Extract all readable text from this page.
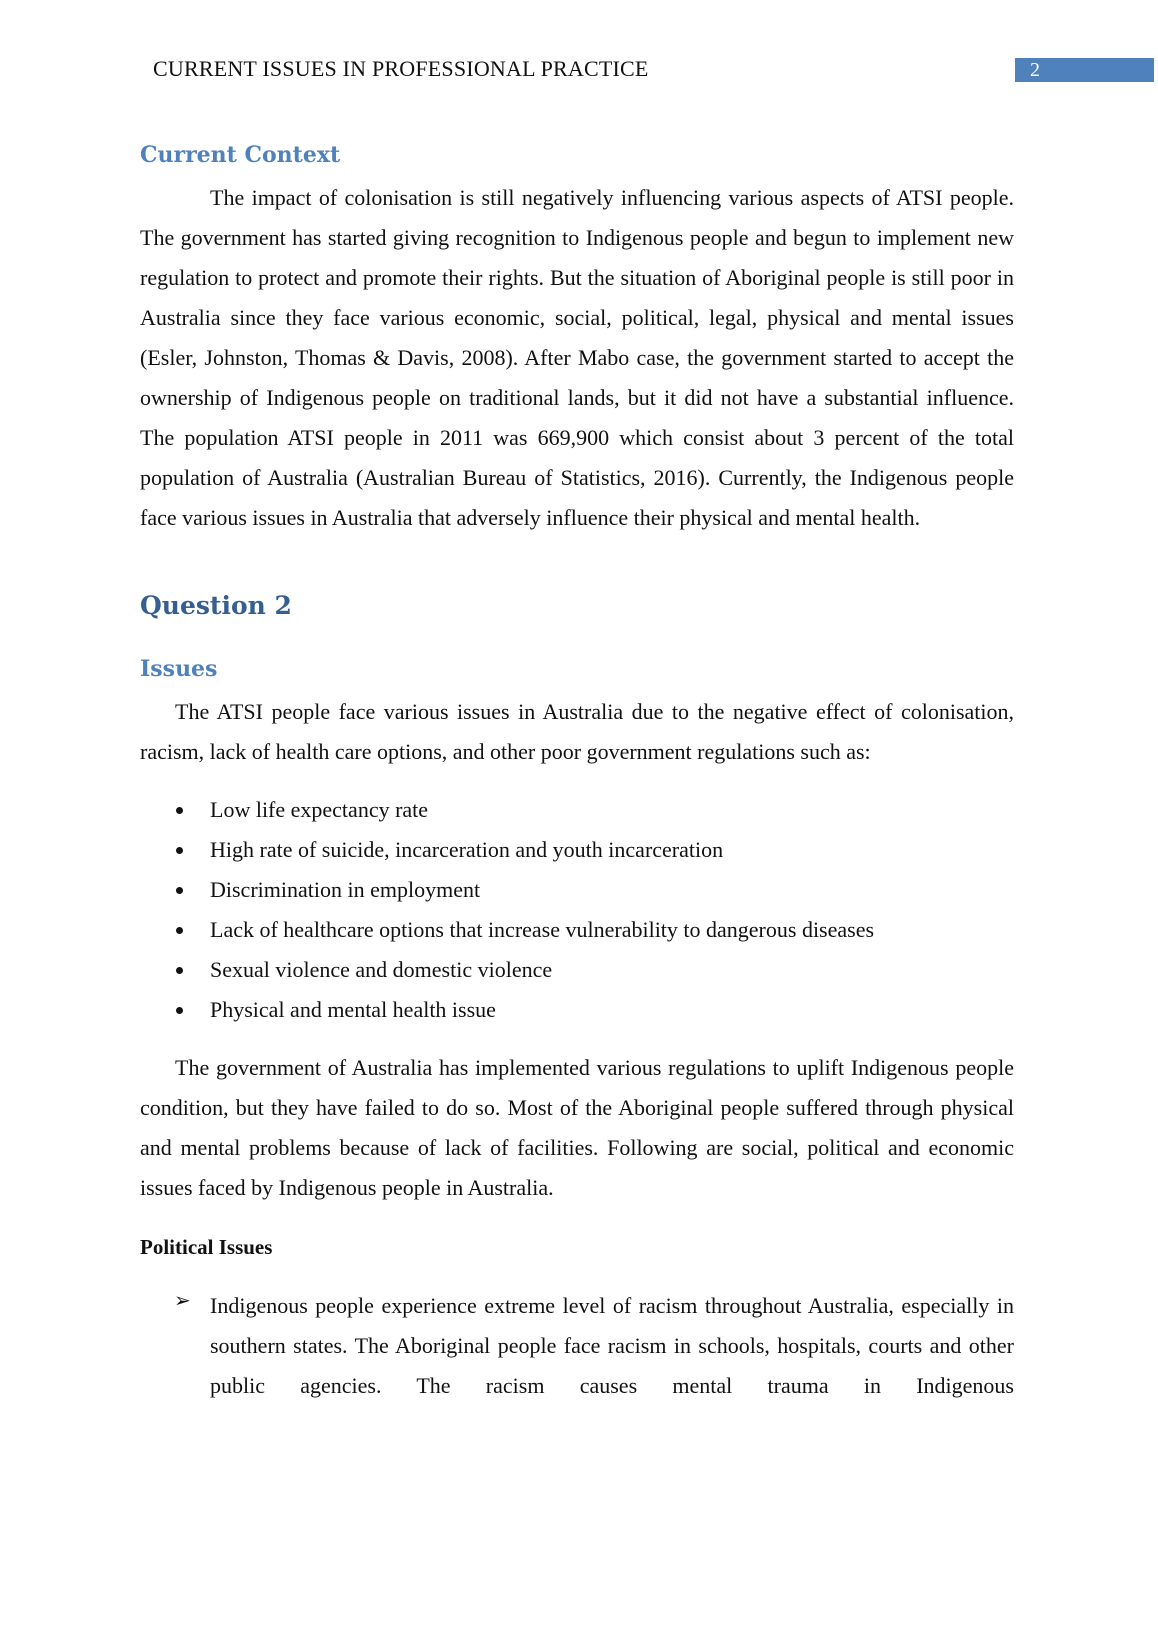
CURRENT ISSUES IN PROFESSIONAL PRACTICE	2
Current Context

The impact of colonisation is still negatively influencing various aspects of ATSI people. The government has started giving recognition to Indigenous people and begun to implement new regulation to protect and promote their rights. But the situation of Aboriginal people is still poor in Australia since they face various economic, social, political, legal, physical and mental issues (Esler, Johnston, Thomas & Davis, 2008). After Mabo case, the government started to accept the ownership of Indigenous people on traditional lands, but it did not have a substantial influence. The population ATSI people in 2011 was 669,900 which consist about 3 percent of the total population of Australia (Australian Bureau of Statistics, 2016). Currently, the Indigenous people face various issues in Australia that adversely influence their physical and mental health.

Question 2
Issues

The ATSI people face various issues in Australia due to the negative effect of colonisation, racism, lack of health care options, and other poor government regulations such as:

Low life expectancy rate
High rate of suicide, incarceration and youth incarceration
Discrimination in employment
Lack of healthcare options that increase vulnerability to dangerous diseases
Sexual violence and domestic violence
Physical and mental health issue

The government of Australia has implemented various regulations to uplift Indigenous people condition, but they have failed to do so. Most of the Aboriginal people suffered through physical and mental problems because of lack of facilities. Following are social, political and economic issues faced by Indigenous people in Australia.

Political Issues
➢ Indigenous people experience extreme level of racism throughout Australia, especially in southern states. The Aboriginal people face racism in schools, hospitals, courts and other public agencies. The racism causes mental trauma in Indigenous
